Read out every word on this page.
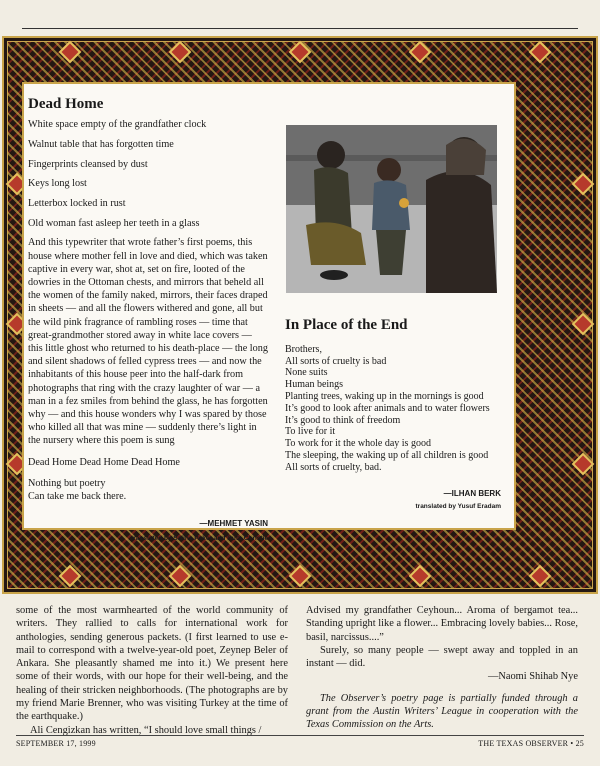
Dead Home
White space empty of the grandfather clock
Walnut table that has forgotten time
Fingerprints cleansed by dust
Keys long lost
Letterbox locked in rust
Old woman fast asleep her teeth in a glass
And this typewriter that wrote father’s first poems, this house where mother fell in love and died, which was taken captive in every war, shot at, set on fire, looted of the dowries in the Ottoman chests, and mirrors that beheld all the women of the family naked, mirrors, their faces draped in sheets — and all the flowers withered and gone, all but the wild pink fragrance of rambling roses — time that great-grandmother stored away in white lace covers — this little ghost who returned to his death-place — the long and silent shadows of felled cypress trees — and now the inhabitants of this house peer into the half-dark from photographs that ring with the crazy laughter of war — a man in a fez smiles from behind the glass, he has forgotten why — and this house wonders why I was spared by those who killed all that was mine — suddenly there’s light in the nursery where this poem is sung
Dead Home Dead Home Dead Home
Nothing but poetry
Can take me back there.
—MEHMET YASIN
translated by Saliha Paker and Ruth Christie
In Place of the End
Brothers,
All sorts of cruelty is bad
None suits
Human beings
Planting trees, waking up in the mornings is good
It’s good to look after animals and to water flowers
It’s good to think of freedom
To live for it
To work for it the whole day is good
The sleeping, the waking up of all children is good
All sorts of cruelty, bad.
—ILHAN BERK
translated by Yusuf Eradam

some of the most warmhearted of the world community of writers. They rallied to calls for international work for anthologies, sending generous packets. (I first learned to use e-mail to correspond with a twelve-year-old poet, Zeynep Beler of Ankara. She pleasantly shamed me into it.) We present here some of their words, with our hope for their well-being, and the healing of their stricken neighborhoods. (The photographs are by my friend Marie Brenner, who was visiting Turkey at the time of the earthquake.)

Ali Cengizkan has written, “I should love small things /

Advised my grandfather Ceyhoun... Aroma of bergamot tea... Standing upright like a flower... Embracing lovely babies... Rose, basil, narcissus....”

Surely, so many people — swept away and toppled in an instant — did.

—Naomi Shihab Nye

The Observer’s poetry page is partially funded through a grant from the Austin Writers’ League in cooperation with the Texas Commission on the Arts.

SEPTEMBER 17, 1999	THE TEXAS OBSERVER • 25
